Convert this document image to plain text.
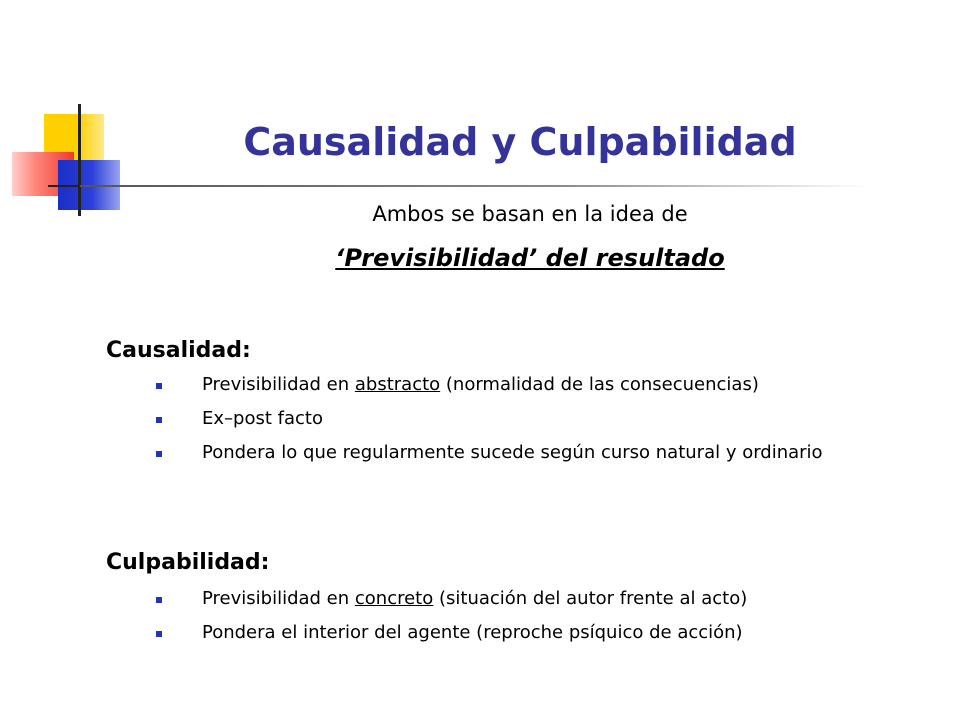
Causalidad y Culpabilidad
Ambos se basan en la idea de
‘Previsibilidad’ del resultado
Causalidad:
Previsibilidad en abstracto (normalidad de las consecuencias)
Ex–post facto
Pondera lo que regularmente sucede según curso natural y ordinario
Culpabilidad:
Previsibilidad en concreto (situación del autor frente al acto)
Pondera el interior del agente (reproche psíquico de acción)
